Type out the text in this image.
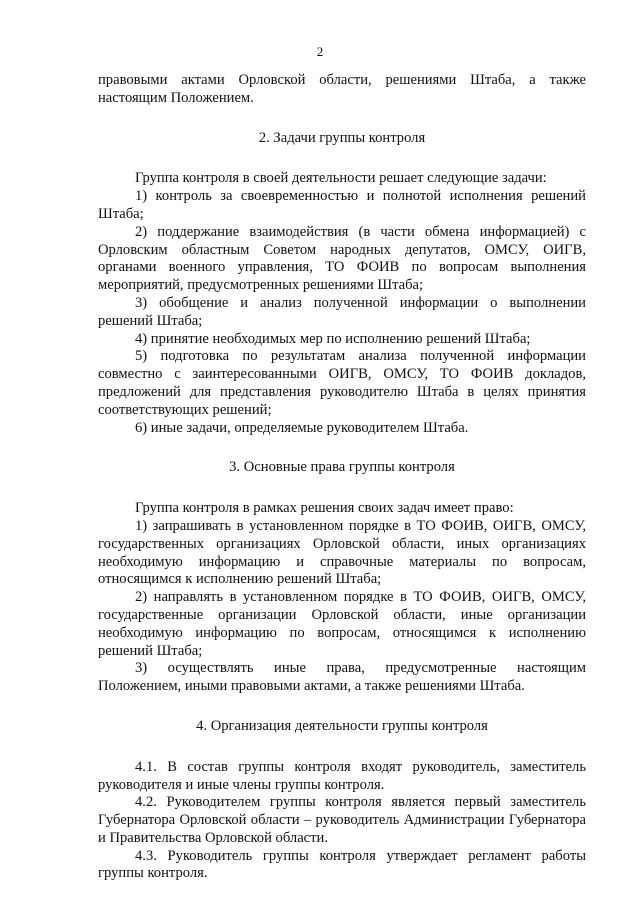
2

правовыми актами Орловской области, решениями Штаба, а также настоящим Положением.

2. Задачи группы контроля

Группа контроля в своей деятельности решает следующие задачи:

1) контроль за своевременностью и полнотой исполнения решений Штаба;

2) поддержание взаимодействия (в части обмена информацией) с Орловским областным Советом народных депутатов, ОМСУ, ОИГВ, органами военного управления, ТО ФОИВ по вопросам выполнения мероприятий, предусмотренных решениями Штаба;

3) обобщение и анализ полученной информации о выполнении решений Штаба;

4) принятие необходимых мер по исполнению решений Штаба;

5) подготовка по результатам анализа полученной информации совместно с заинтересованными ОИГВ, ОМСУ, ТО ФОИВ докладов, предложений для представления руководителю Штаба в целях принятия соответствующих решений;

6) иные задачи, определяемые руководителем Штаба.

3. Основные права группы контроля

Группа контроля в рамках решения своих задач имеет право:

1) запрашивать в установленном порядке в ТО ФОИВ, ОИГВ, ОМСУ, государственных организациях Орловской области, иных организациях необходимую информацию и справочные материалы по вопросам, относящимся к исполнению решений Штаба;

2) направлять в установленном порядке в ТО ФОИВ, ОИГВ, ОМСУ, государственные организации Орловской области, иные организации необходимую информацию по вопросам, относящимся к исполнению решений Штаба;

3) осуществлять иные права, предусмотренные настоящим Положением, иными правовыми актами, а также решениями Штаба.

4. Организация деятельности группы контроля

4.1. В состав группы контроля входят руководитель, заместитель руководителя и иные члены группы контроля.

4.2. Руководителем группы контроля является первый заместитель Губернатора Орловской области – руководитель Администрации Губернатора и Правительства Орловской области.

4.3. Руководитель группы контроля утверждает регламент работы группы контроля.
